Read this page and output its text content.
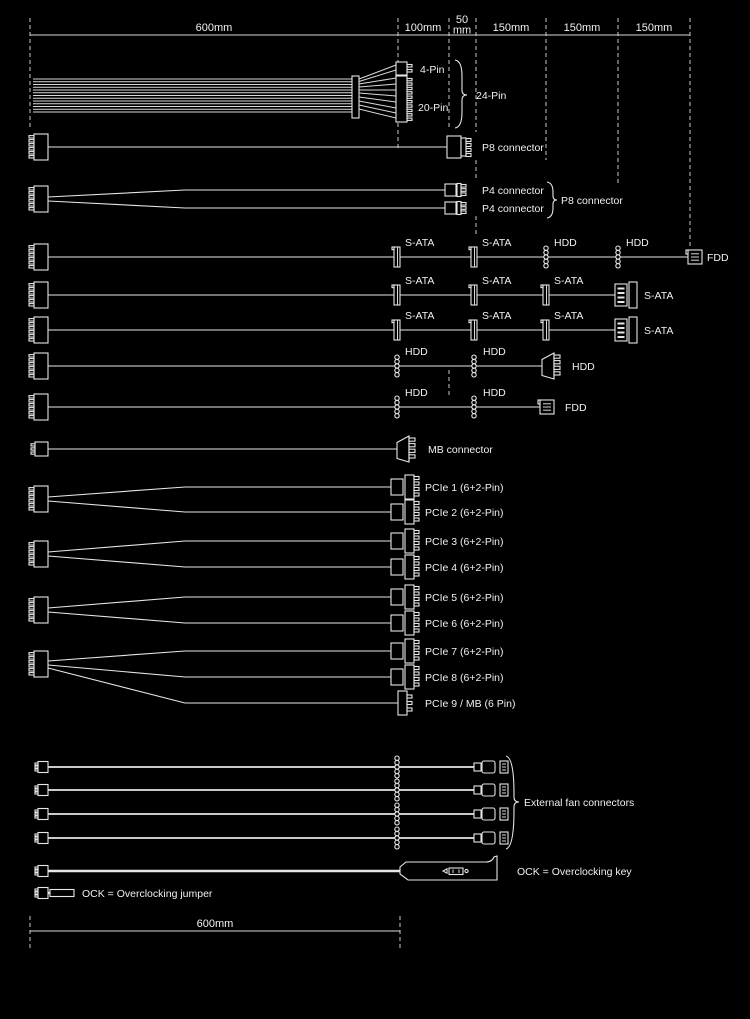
600mm	100mm
50
mm 150mm	150mm	150mm
4-Pin
20-Pin
24-Pin
P8 connector
P4 connector
P4 connector
P8 connector
S-ATA	S-ATA	HDD	HDD
FDD
S-ATA	S-ATA	S-ATA
S-ATA
S-ATA	S-ATA	S-ATA
S-ATA
HDD	HDD
HDD
HDD	HDD
FDD
MB connector
PCIe 1 (6+2-Pin)
PCIe 2 (6+2-Pin)
PCIe 3 (6+2-Pin)
PCIe 4 (6+2-Pin)
PCIe 5 (6+2-Pin)
PCIe 6 (6+2-Pin)
PCIe 7 (6+2-Pin)
PCIe 8 (6+2-Pin)
PCIe 9 / MB (6 Pin)
External fan connectors
OCK = Overclocking key
OCK = Overclocking jumper
600mm
